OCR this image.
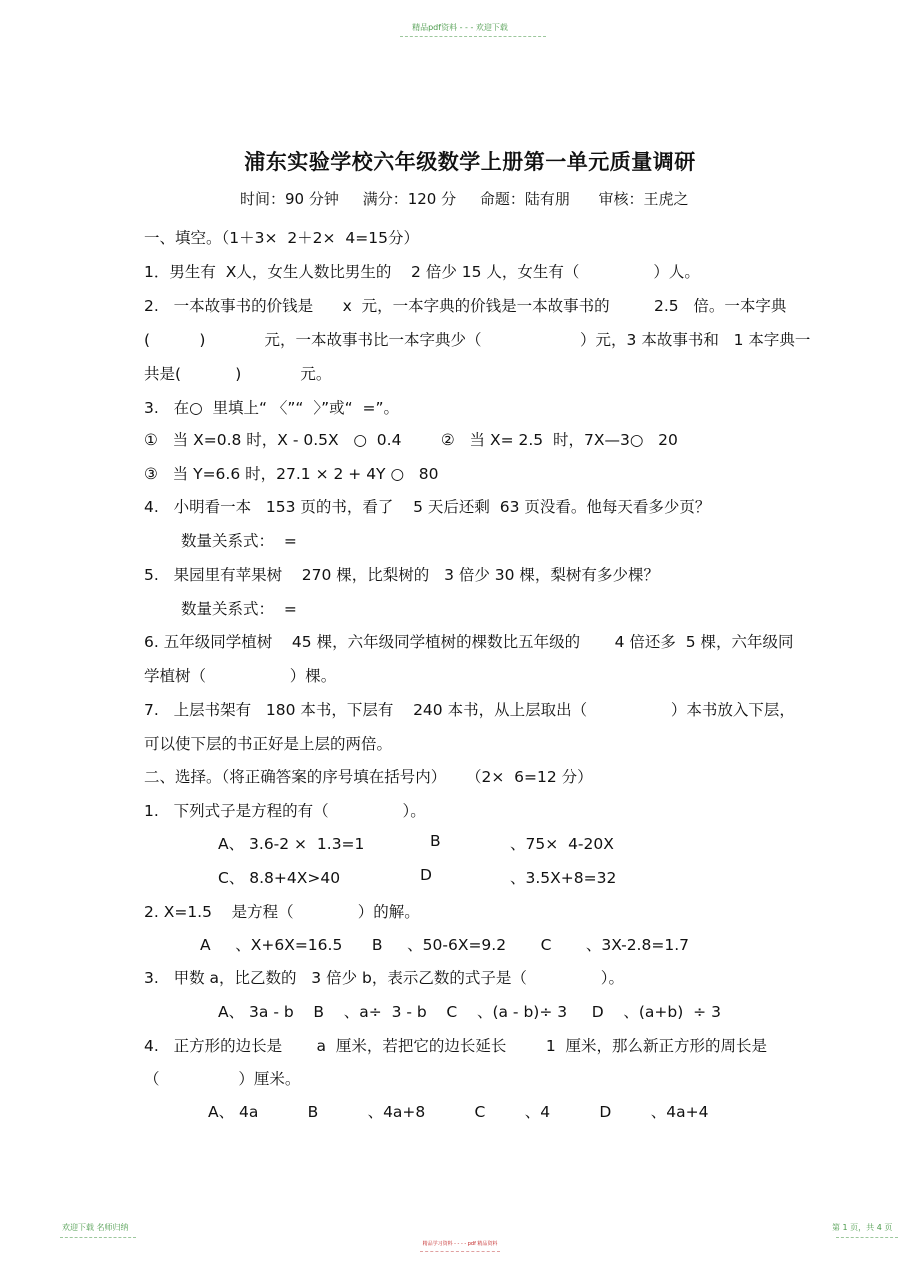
精品pdf资料 - - - 欢迎下载
浦东实验学校六年级数学上册第一单元质量调研
时间：90 分钟     满分：120 分     命题：陆有朋      审核：王虎之
一、填空。（1＋3×  2＋2×  4=15分）
1．男生有  X人，女生人数比男生的    2 倍少 15 人，女生有（               ）人。
2.   一本故事书的价钱是      x  元，一本字典的价钱是一本故事书的         2.5   倍。一本字典
(          )            元，一本故事书比一本字典少（                    ）元，3 本故事书和   1 本字典一
共是(           )            元。
3.   在○  里填上“ 〈”“  〉”或“  =”。
①   当 X=0.8 时，X - 0.5X   ○  0.4        ②   当 X= 2.5  时，7X—3○   20
③   当 Y=6.6 时，27.1 × 2 + 4Y ○   80
4.   小明看一本   153 页的书，看了    5 天后还剩  63 页没看。他每天看多少页？
数量关系式：  =
5.   果园里有苹果树    270 棵，比梨树的   3 倍少 30 棵，梨树有多少棵？
数量关系式：  =
6. 五年级同学植树    45 棵，六年级同学植树的棵数比五年级的       4 倍还多  5 棵，六年级同
学植树（                 ）棵。
7.   上层书架有   180 本书，下层有    240 本书，从上层取出（                 ）本书放入下层，
可以使下层的书正好是上层的两倍。
二、选择。（将正确答案的序号填在括号内）    （2×  6=12 分）
1.   下列式子是方程的有（               ）。
A、 3.6-2 ×  1.3=1	B	、75×  4-20X
C、 8.8+4X>40	D	、3.5X+8=32
2. X=1.5    是方程（             ）的解。
A     、X+6X=16.5      B     、50-6X=9.2       C       、3X-2.8=1.7
3.   甲数 a，比乙数的   3 倍少 b，表示乙数的式子是（               ）。
A、 3a - b    B    、a÷  3 - b    C    、(a - b)÷ 3     D    、(a+b)  ÷ 3
4.   正方形的边长是       a  厘米，若把它的边长延长        1  厘米，那么新正方形的周长是
（                ）厘米。
A、 4a          B          、4a+8          C        、4          D        、4a+4
欢迎下载 名师归纳	第 1 页，共 4 页
精品学习资料 - - - - pdf 精品资料
